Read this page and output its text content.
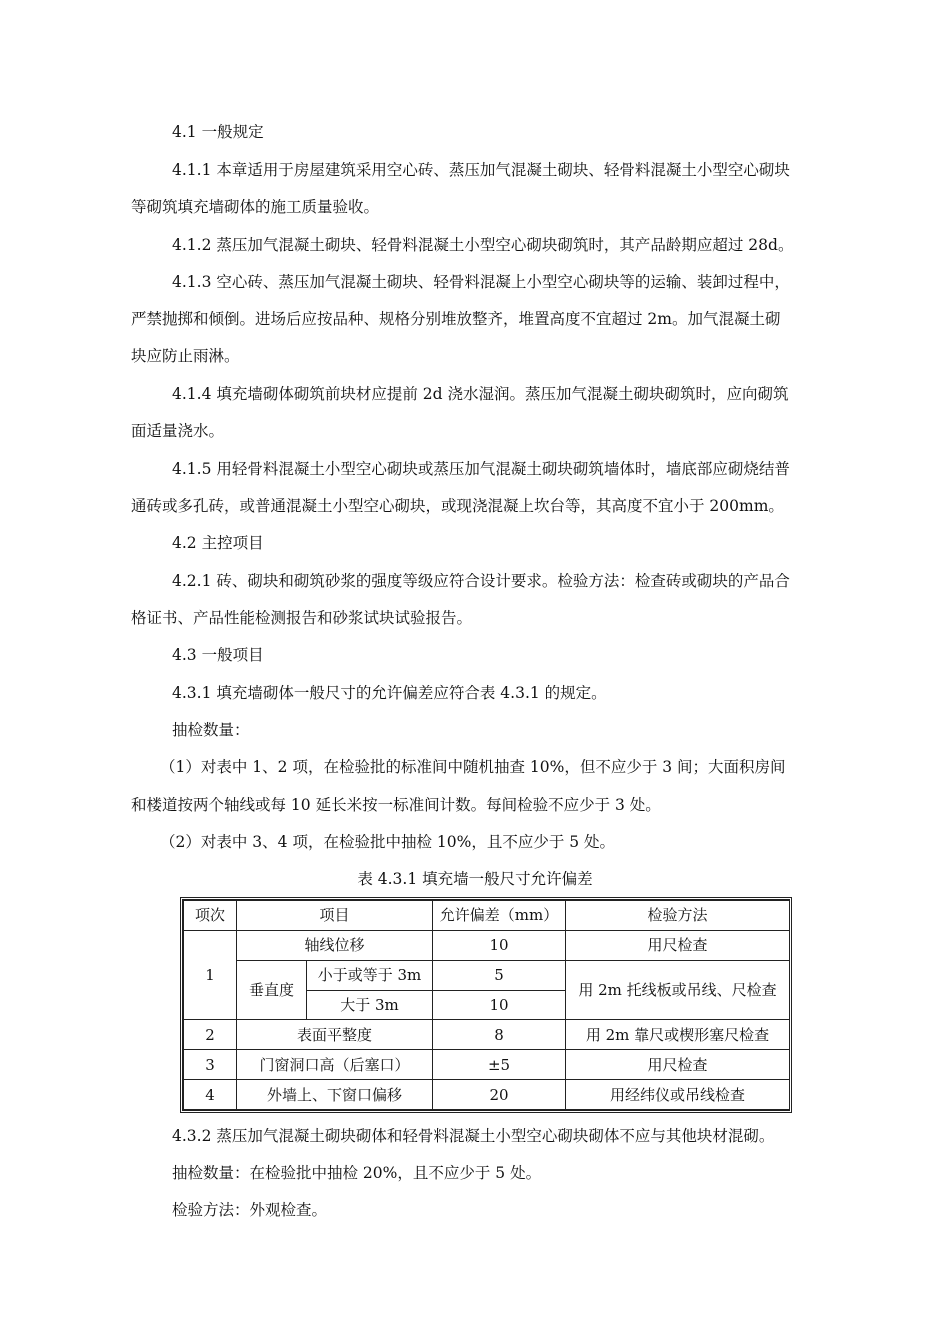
4.1 一般规定

4.1.1 本章适用于房屋建筑采用空心砖、蒸压加气混凝土砌块、轻骨料混凝土小型空心砌块

等砌筑填充墙砌体的施工质量验收。

4.1.2 蒸压加气混凝土砌块、轻骨料混凝土小型空心砌块砌筑时，其产品龄期应超过 28d。

4.1.3 空心砖、蒸压加气混凝土砌块、轻骨料混凝上小型空心砌块等的运输、装卸过程中，

严禁抛掷和倾倒。进场后应按品种、规格分别堆放整齐，堆置高度不宜超过 2m。加气混凝土砌

块应防止雨淋。

4.1.4 填充墙砌体砌筑前块材应提前 2d 浇水湿润。蒸压加气混凝土砌块砌筑时，应向砌筑

面适量浇水。

4.1.5 用轻骨料混凝土小型空心砌块或蒸压加气混凝土砌块砌筑墙体时，墙底部应砌烧结普

通砖或多孔砖，或普通混凝土小型空心砌块，或现浇混凝上坎台等，其高度不宜小于 200mm。

4.2 主控项目

4.2.1 砖、砌块和砌筑砂浆的强度等级应符合设计要求。检验方法：检查砖或砌块的产品合

格证书、产品性能检测报告和砂浆试块试验报告。

4.3 一般项目

4.3.1 填充墙砌体一般尺寸的允许偏差应符合表 4.3.1 的规定。

抽检数量：

（1）对表中 1、2 项，在检验批的标准间中随机抽查 10%，但不应少于 3 间；大面积房间

和楼道按两个轴线或每 10 延长米按一标准间计数。每间检验不应少于 3 处。

（2）对表中 3、4 项，在检验批中抽检 10%，且不应少于 5 处。

表 4.3.1 填充墙一般尺寸允许偏差
项次	项目		允许偏差（mm）	检验方法
1	轴线位移		10	用尺检查
	垂直度	小于或等于 3m	5	用 2m 托线板或吊线、尺检查
		大于 3m	10	
2	表面平整度		8	用 2m 靠尺或楔形塞尺检查
3	门窗洞口高（后塞口）		±5	用尺检查
4	外墙上、下窗口偏移		20	用经纬仪或吊线检查

4.3.2 蒸压加气混凝土砌块砌体和轻骨料混凝土小型空心砌块砌体不应与其他块材混砌。

抽检数量：在检验批中抽检 20%，且不应少于 5 处。

检验方法：外观检查。
